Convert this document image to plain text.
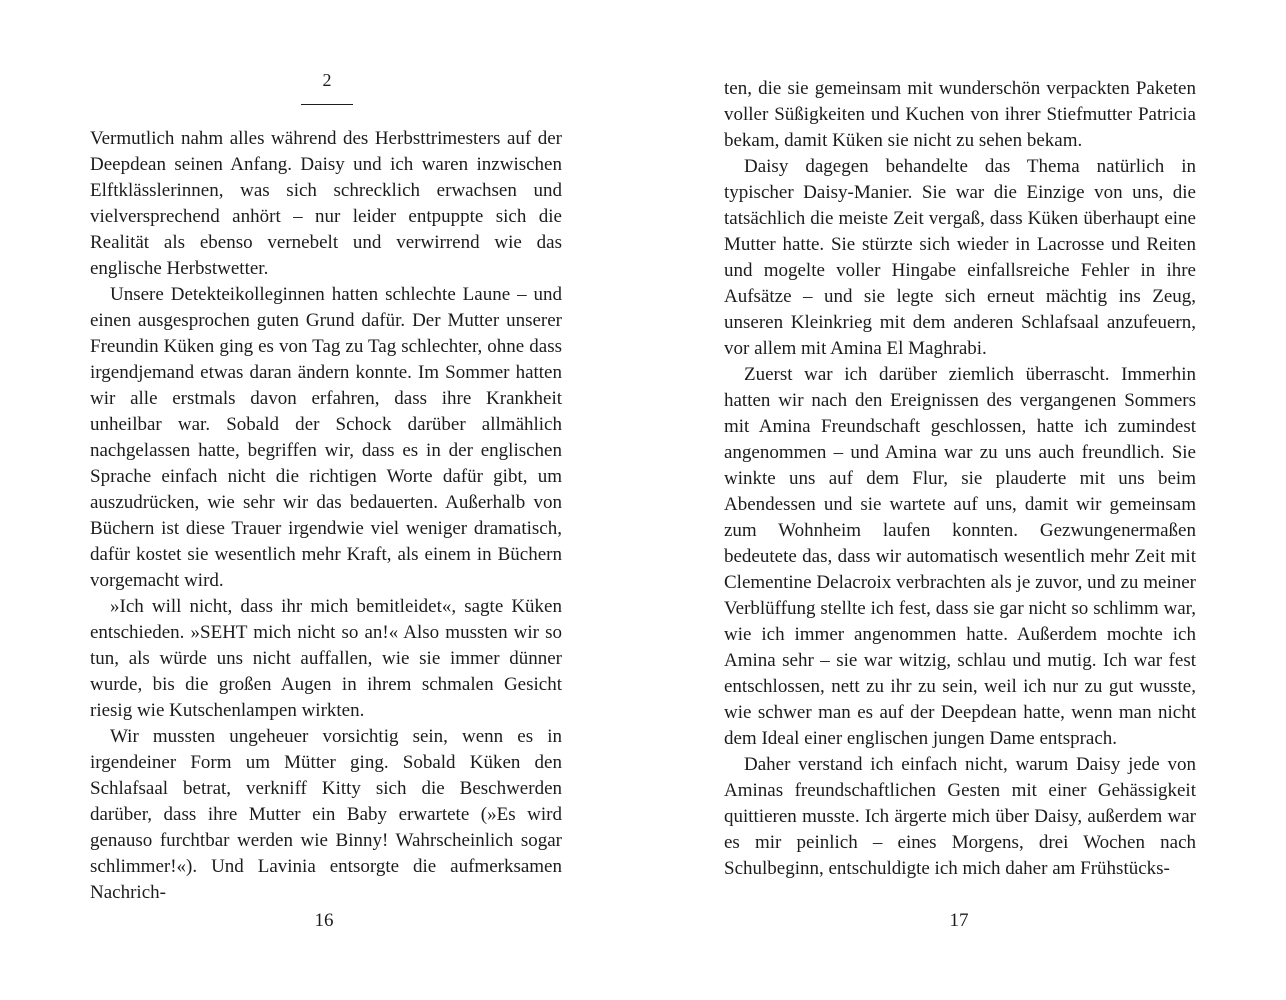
2

Vermutlich nahm alles während des Herbsttrimesters auf der Deepdean seinen Anfang. Daisy und ich waren inzwischen Elftklässlerinnen, was sich schrecklich erwachsen und vielversprechend anhört – nur leider entpuppte sich die Realität als ebenso vernebelt und verwirrend wie das englische Herbstwetter.

Unsere Detekteikolleginnen hatten schlechte Laune – und einen ausgesprochen guten Grund dafür. Der Mutter unserer Freundin Küken ging es von Tag zu Tag schlechter, ohne dass irgendjemand etwas daran ändern konnte. Im Sommer hatten wir alle erstmals davon erfahren, dass ihre Krankheit unheilbar war. Sobald der Schock darüber allmählich nachgelassen hatte, begriffen wir, dass es in der englischen Sprache einfach nicht die richtigen Worte dafür gibt, um auszudrücken, wie sehr wir das bedauerten. Außerhalb von Büchern ist diese Trauer irgendwie viel weniger dramatisch, dafür kostet sie wesentlich mehr Kraft, als einem in Büchern vorgemacht wird.

»Ich will nicht, dass ihr mich bemitleidet«, sagte Küken entschieden. »SEHT mich nicht so an!« Also mussten wir so tun, als würde uns nicht auffallen, wie sie immer dünner wurde, bis die großen Augen in ihrem schmalen Gesicht riesig wie Kutschenlampen wirkten.

Wir mussten ungeheuer vorsichtig sein, wenn es in irgendeiner Form um Mütter ging. Sobald Küken den Schlafsaal betrat, verkniff Kitty sich die Beschwerden darüber, dass ihre Mutter ein Baby erwartete (»Es wird genauso furchtbar werden wie Binny! Wahrscheinlich sogar schlimmer!«). Und Lavinia entsorgte die aufmerksamen Nachrich-

16

ten, die sie gemeinsam mit wunderschön verpackten Paketen voller Süßigkeiten und Kuchen von ihrer Stiefmutter Patricia bekam, damit Küken sie nicht zu sehen bekam.

Daisy dagegen behandelte das Thema natürlich in typischer Daisy-Manier. Sie war die Einzige von uns, die tatsächlich die meiste Zeit vergaß, dass Küken überhaupt eine Mutter hatte. Sie stürzte sich wieder in Lacrosse und Reiten und mogelte voller Hingabe einfallsreiche Fehler in ihre Aufsätze – und sie legte sich erneut mächtig ins Zeug, unseren Kleinkrieg mit dem anderen Schlafsaal anzufeuern, vor allem mit Amina El Maghrabi.

Zuerst war ich darüber ziemlich überrascht. Immerhin hatten wir nach den Ereignissen des vergangenen Sommers mit Amina Freundschaft geschlossen, hatte ich zumindest angenommen – und Amina war zu uns auch freundlich. Sie winkte uns auf dem Flur, sie plauderte mit uns beim Abendessen und sie wartete auf uns, damit wir gemeinsam zum Wohnheim laufen konnten. Gezwungenermaßen bedeutete das, dass wir automatisch wesentlich mehr Zeit mit Clementine Delacroix verbrachten als je zuvor, und zu meiner Verblüffung stellte ich fest, dass sie gar nicht so schlimm war, wie ich immer angenommen hatte. Außerdem mochte ich Amina sehr – sie war witzig, schlau und mutig. Ich war fest entschlossen, nett zu ihr zu sein, weil ich nur zu gut wusste, wie schwer man es auf der Deepdean hatte, wenn man nicht dem Ideal einer englischen jungen Dame entsprach.

Daher verstand ich einfach nicht, warum Daisy jede von Aminas freundschaftlichen Gesten mit einer Gehässigkeit quittieren musste. Ich ärgerte mich über Daisy, außerdem war es mir peinlich – eines Morgens, drei Wochen nach Schulbeginn, entschuldigte ich mich daher am Frühstücks-

17
